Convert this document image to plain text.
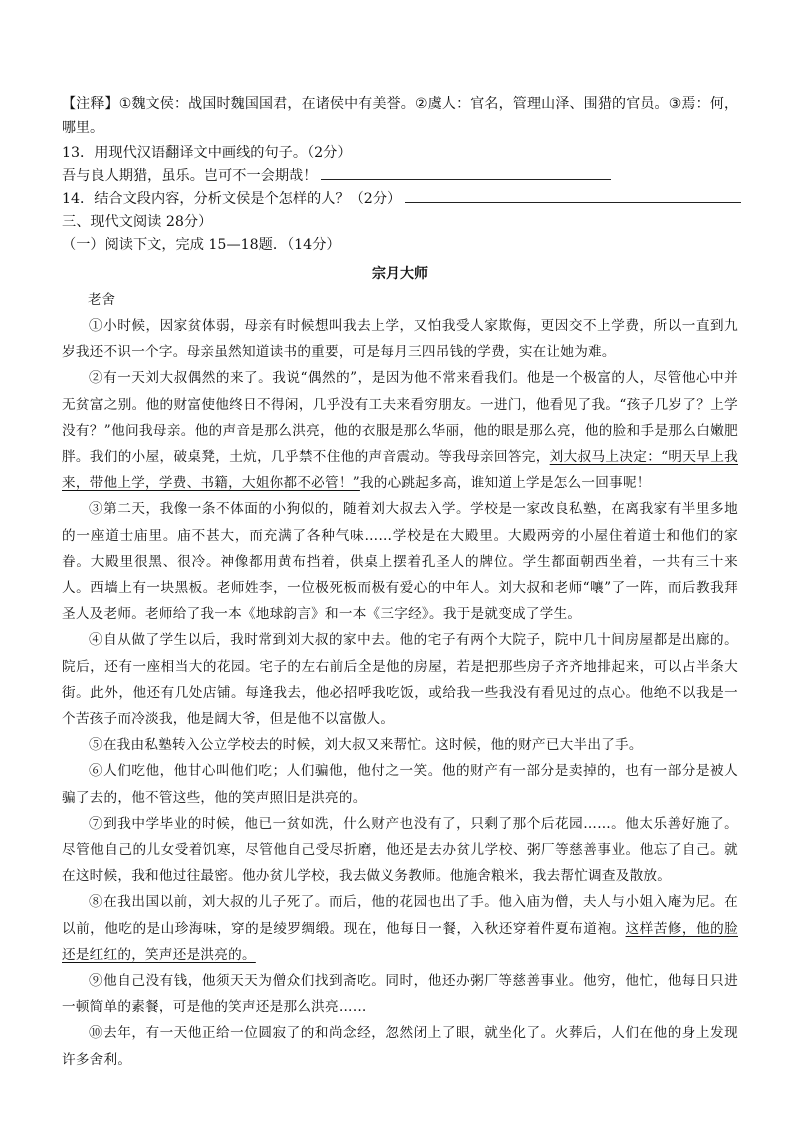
【注释】①魏文侯：战国时魏国国君，在诸侯中有美誉。②虞人：官名，管理山泽、围猎的官员。③焉：何，哪里。

13．用现代汉语翻译文中画线的句子。（2分）

吾与良人期猎，虽乐。岂可不一会期哉！

14．结合文段内容，分析文侯是个怎样的人？（2分）

三、现代文阅读 28分）

（一）阅读下文，完成 15—18题．（14分）

宗月大师
老舍

①小时候，因家贫体弱，母亲有时候想叫我去上学，又怕我受人家欺侮，更因交不上学费，所以一直到九岁我还不识一个字。母亲虽然知道读书的重要，可是每月三四吊钱的学费，实在让她为难。

②有一天刘大叔偶然的来了。我说“偶然的”，是因为他不常来看我们。他是一个极富的人，尽管他心中并无贫富之别。他的财富使他终日不得闲，几乎没有工夫来看穷朋友。一进门，他看见了我。“孩子几岁了？上学没有？”他问我母亲。他的声音是那么洪亮，他的衣服是那么华丽，他的眼是那么亮，他的脸和手是那么白嫩肥胖。我们的小屋，破桌凳，土炕，几乎禁不住他的声音震动。等我母亲回答完，刘大叔马上决定：“明天早上我来，带他上学，学费、书籍，大姐你都不必管！”我的心跳起多高，谁知道上学是怎么一回事呢！

③第二天，我像一条不体面的小狗似的，随着刘大叔去入学。学校是一家改良私塾，在离我家有半里多地的一座道士庙里。庙不甚大，而充满了各种气味……学校是在大殿里。大殿两旁的小屋住着道士和他们的家眷。大殿里很黑、很冷。神像都用黄布挡着，供桌上摆着孔圣人的牌位。学生都面朝西坐着，一共有三十来人。西墙上有一块黑板。老师姓李，一位极死板而极有爱心的中年人。刘大叔和老师“嚷”了一阵，而后教我拜圣人及老师。老师给了我一本《地球韵言》和一本《三字经》。我于是就变成了学生。

④自从做了学生以后，我时常到刘大叔的家中去。他的宅子有两个大院子，院中几十间房屋都是出廊的。院后，还有一座相当大的花园。宅子的左右前后全是他的房屋，若是把那些房子齐齐地排起来，可以占半条大街。此外，他还有几处店铺。每逢我去，他必招呼我吃饭，或给我一些我没有看见过的点心。他绝不以我是一个苦孩子而冷淡我，他是阔大爷，但是他不以富傲人。

⑤在我由私塾转入公立学校去的时候，刘大叔又来帮忙。这时候，他的财产已大半出了手。

⑥人们吃他，他甘心叫他们吃；人们骗他，他付之一笑。他的财产有一部分是卖掉的，也有一部分是被人骗了去的，他不管这些，他的笑声照旧是洪亮的。

⑦到我中学毕业的时候，他已一贫如洗，什么财产也没有了，只剩了那个后花园……。他太乐善好施了。尽管他自己的儿女受着饥寒，尽管他自己受尽折磨，他还是去办贫儿学校、粥厂等慈善事业。他忘了自己。就在这时候，我和他过往最密。他办贫儿学校，我去做义务教师。他施舍粮米，我去帮忙调查及散放。

⑧在我出国以前，刘大叔的儿子死了。而后，他的花园也出了手。他入庙为僧，夫人与小姐入庵为尼。在以前，他吃的是山珍海味，穿的是绫罗绸缎。现在，他每日一餐，入秋还穿着件夏布道袍。这样苦修，他的脸还是红红的，笑声还是洪亮的。

⑨他自己没有钱，他须天天为僧众们找到斋吃。同时，他还办粥厂等慈善事业。他穷，他忙，他每日只进一顿简单的素餐，可是他的笑声还是那么洪亮……

⑩去年，有一天他正给一位圆寂了的和尚念经，忽然闭上了眼，就坐化了。火葬后，人们在他的身上发现许多舍利。
